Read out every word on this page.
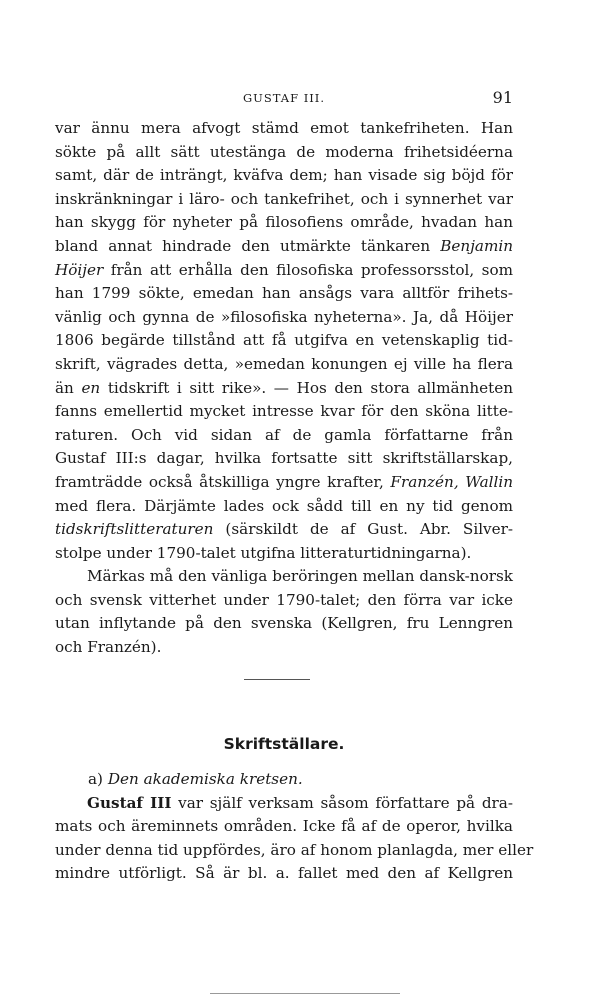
GUSTAF III.	91
var ännu mera afvogt stämd emot tankefriheten. Han
sökte på allt sätt utestänga de moderna frihetsidéerna
samt, där de inträngt, kväfva dem; han visade sig böjd för
inskränkningar i läro- och tankefrihet, och i synnerhet var
han skygg för nyheter på filosofiens område, hvadan han
bland annat hindrade den utmärkte tänkaren Benjamin
Höijer från att erhålla den filosofiska professorsstol, som
han 1799 sökte, emedan han ansågs vara alltför frihets-
vänlig och gynna de »filosofiska nyheterna». Ja, då Höijer
1806 begärde tillstånd att få utgifva en vetenskaplig tid-
skrift, vägrades detta, »emedan konungen ej ville ha flera
än en tidskrift i sitt rike». — Hos den stora allmänheten
fanns emellertid mycket intresse kvar för den sköna litte-
raturen. Och vid sidan af de gamla författarne från
Gustaf III:s dagar, hvilka fortsatte sitt skriftställarskap,
framträdde också åtskilliga yngre krafter, Franzén, Wallin
med flera. Därjämte lades ock sådd till en ny tid genom
tidskriftslitteraturen (särskildt de af Gust. Abr. Silver-
stolpe under 1790-talet utgifna litteraturtidningarna).
Märkas må den vänliga beröringen mellan dansk-norsk
och svensk vitterhet under 1790-talet; den förra var icke
utan inflytande på den svenska (Kellgren, fru Lenngren
och Franzén).
Skriftställare.
a) Den akademiska kretsen.
Gustaf III var själf verksam såsom författare på dra-
mats och äreminnets områden. Icke få af de operor, hvilka
under denna tid uppfördes, äro af honom planlagda, mer eller
mindre utförligt. Så är bl. a. fallet med den af Kellgren
